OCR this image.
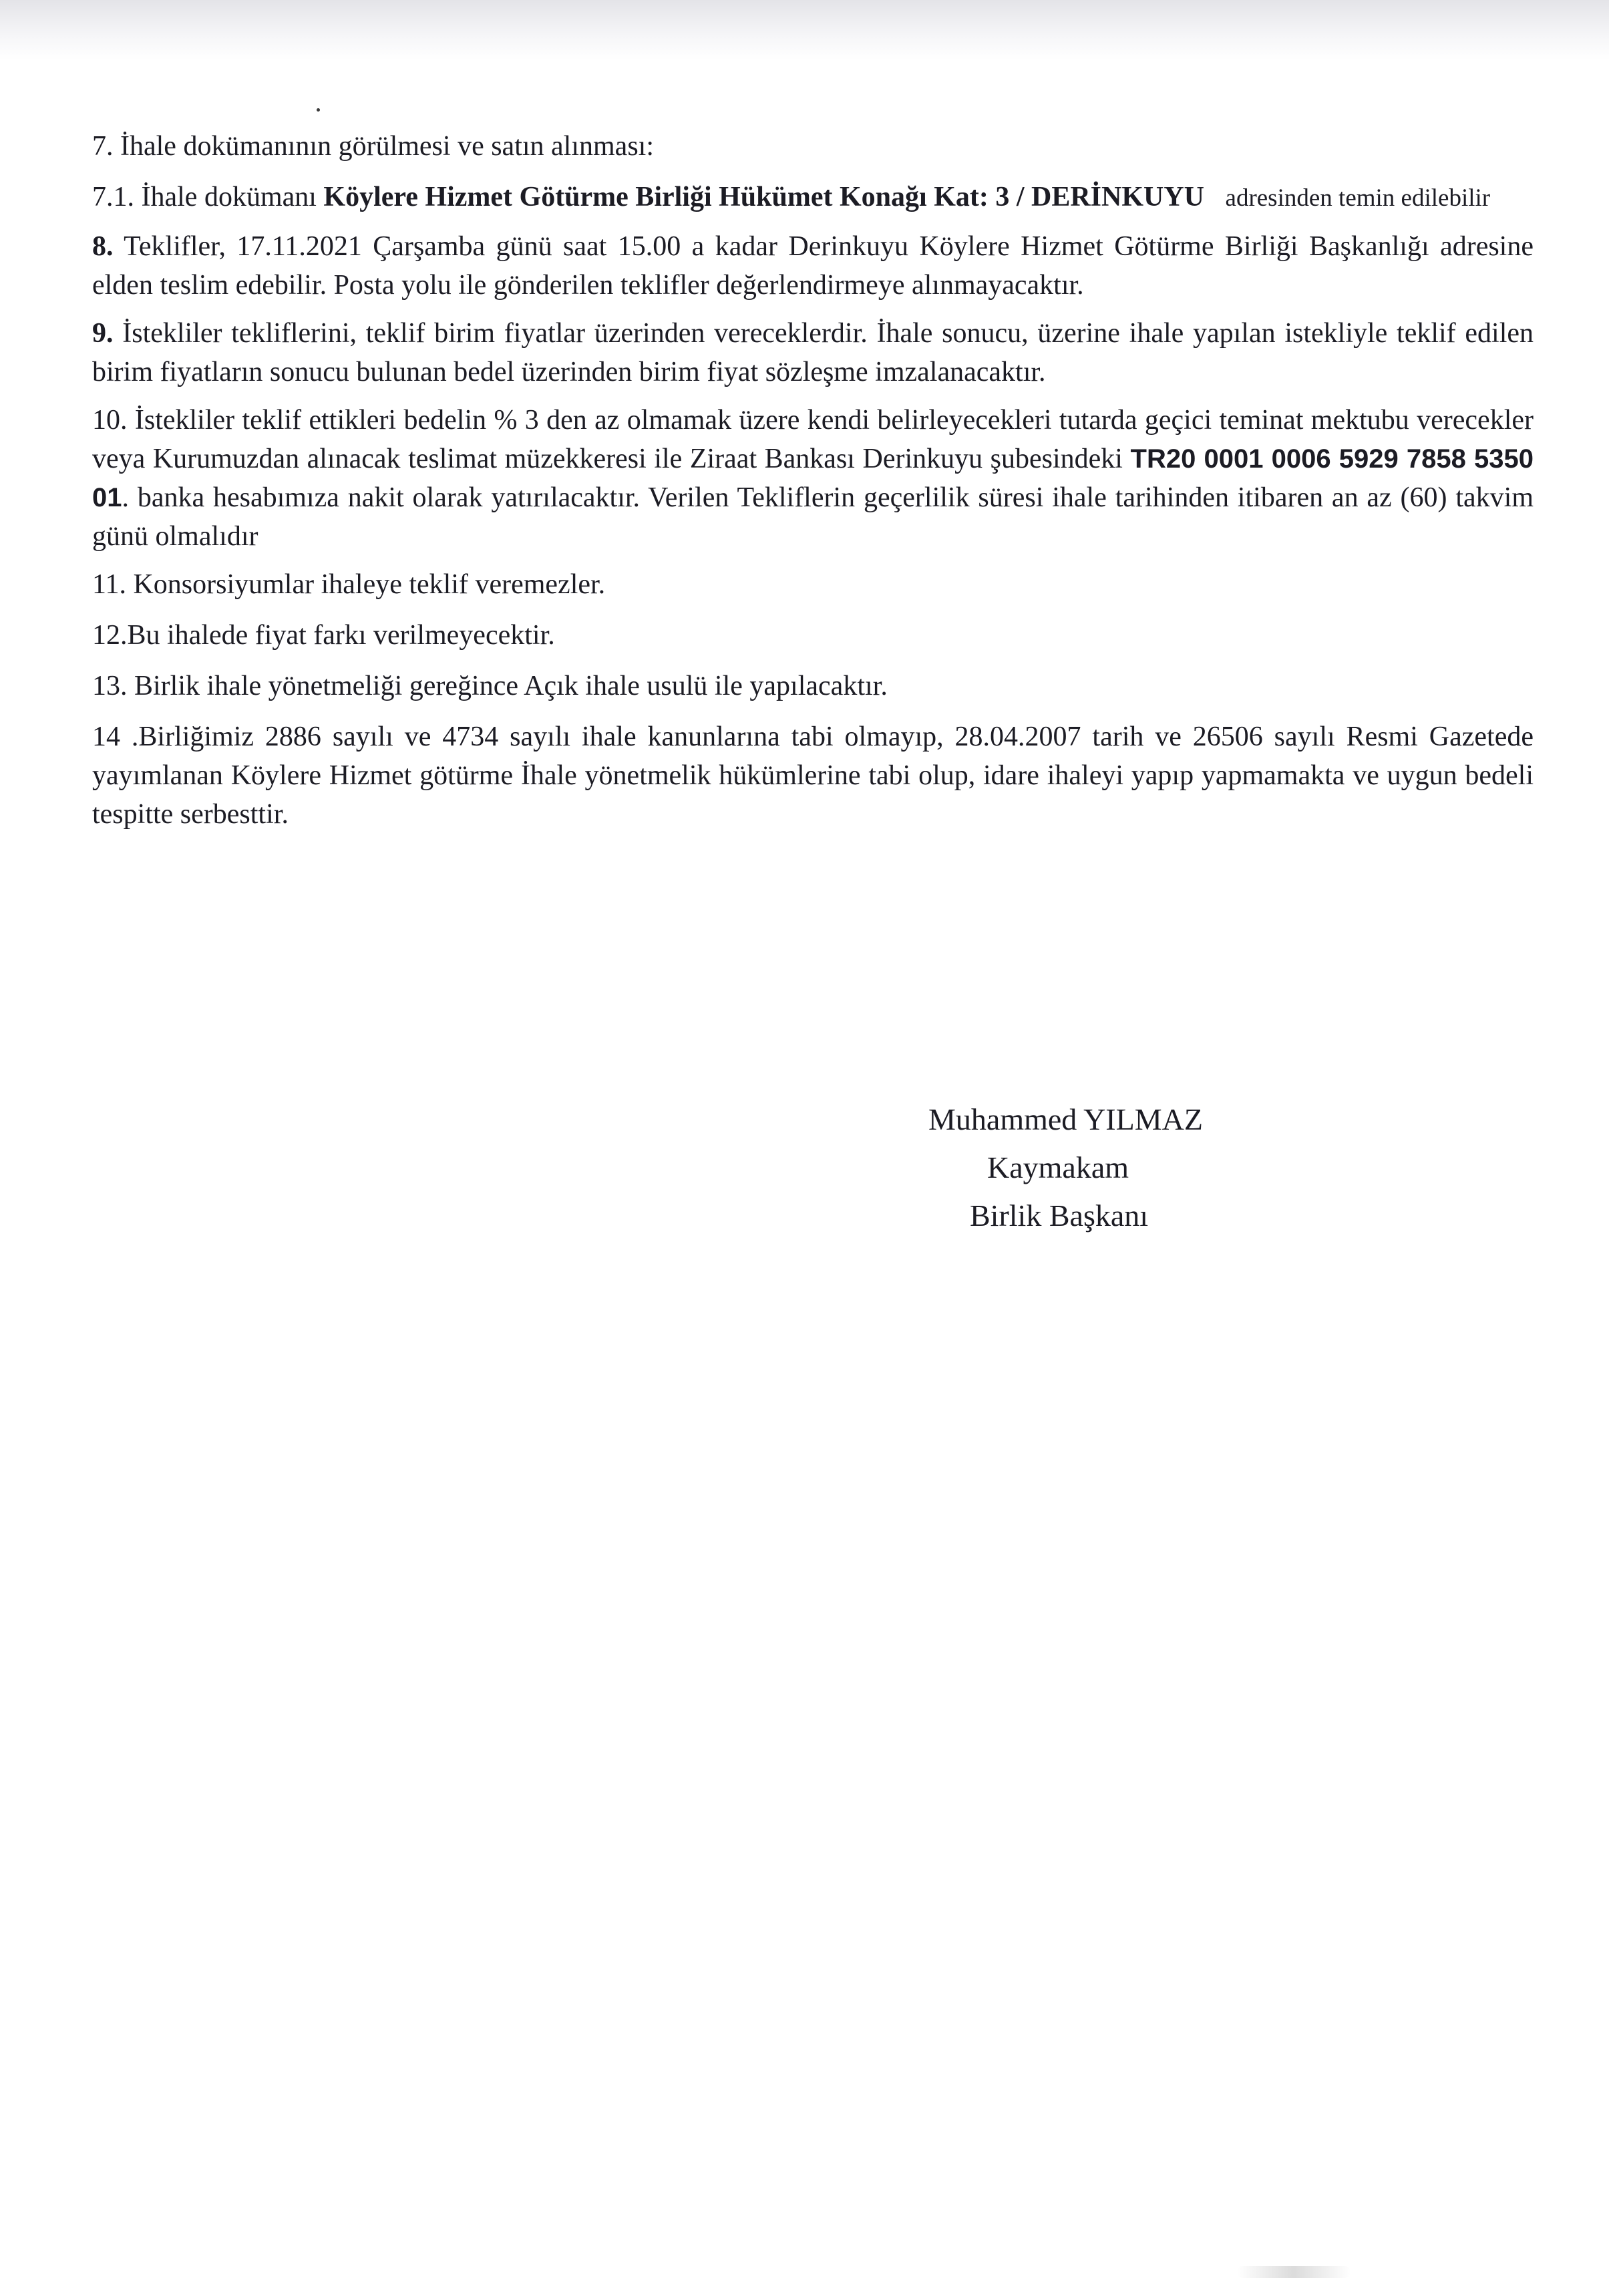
7. İhale dokümanının görülmesi ve satın alınması:

7.1. İhale dokümanı Köylere Hizmet Götürme Birliği Hükümet Konağı Kat: 3 / DERİNKUYU adresinden temin edilebilir

8. Teklifler, 17.11.2021 Çarşamba günü saat 15.00 a kadar Derinkuyu Köylere Hizmet Götürme Birliği Başkanlığı adresine elden teslim edebilir. Posta yolu ile gönderilen teklifler değerlendirmeye alınmayacaktır.

9. İstekliler tekliflerini, teklif birim fiyatlar üzerinden vereceklerdir. İhale sonucu, üzerine ihale yapılan istekliyle teklif edilen birim fiyatların sonucu bulunan bedel üzerinden birim fiyat sözleşme imzalanacaktır.

10. İstekliler teklif ettikleri bedelin % 3 den az olmamak üzere kendi belirleyecekleri tutarda geçici teminat mektubu verecekler veya Kurumuzdan alınacak teslimat müzekkeresi ile Ziraat Bankası Derinkuyu şubesindeki TR20 0001 0006 5929 7858 5350 01. banka hesabımıza nakit olarak yatırılacaktır. Verilen Tekliflerin geçerlilik süresi ihale tarihinden itibaren an az (60) takvim günü olmalıdır

11. Konsorsiyumlar ihaleye teklif veremezler.

12.Bu ihalede fiyat farkı verilmeyecektir.

13. Birlik ihale yönetmeliği gereğince Açık ihale usulü ile yapılacaktır.

14 .Birliğimiz 2886 sayılı ve 4734 sayılı ihale kanunlarına tabi olmayıp, 28.04.2007 tarih ve 26506 sayılı Resmi Gazetede yayımlanan Köylere Hizmet götürme İhale yönetmelik hükümlerine tabi olup, idare ihaleyi yapıp yapmamakta ve uygun bedeli tespitte serbesttir.

Muhammed YILMAZ
Kaymakam
Birlik Başkanı
